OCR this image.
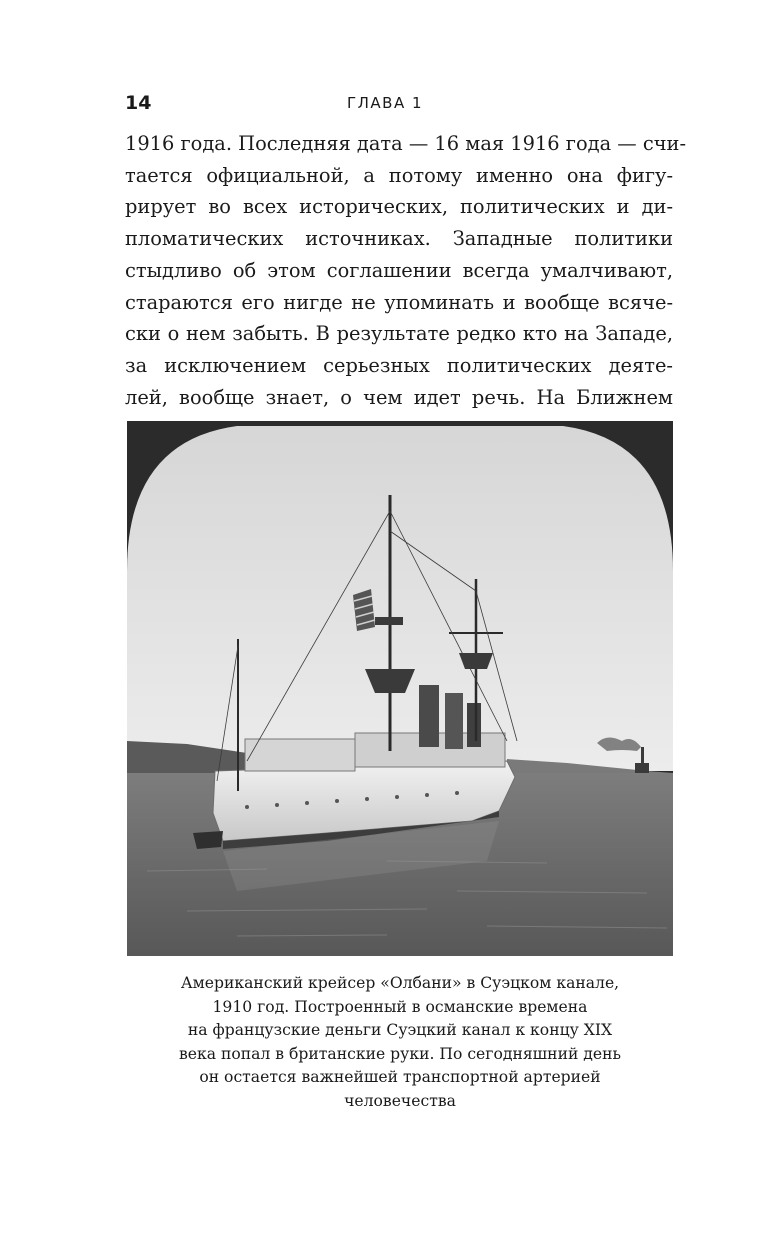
14	ГЛАВА 1
1916 года. Последняя дата — 16 мая 1916 года — счи-
тается официальной, а потому именно она фигу-
рирует во всех исторических, политических и ди-
пломатических источниках. Западные политики
стыдливо об этом соглашении всегда умалчивают,
стараются его нигде не упоминать и вообще всяче-
ски о нем забыть. В результате редко кто на Западе,
за исключением серьезных политических деяте-
лей, вообще знает, о чем идет речь. На Ближнем
Американский крейсер «Олбани» в Суэцком канале,
1910 год. Построенный в османские времена
на французские деньги Суэцкий канал к концу XIX
века попал в британские руки. По сегодняшний день
он остается важнейшей транспортной артерией
человечества
